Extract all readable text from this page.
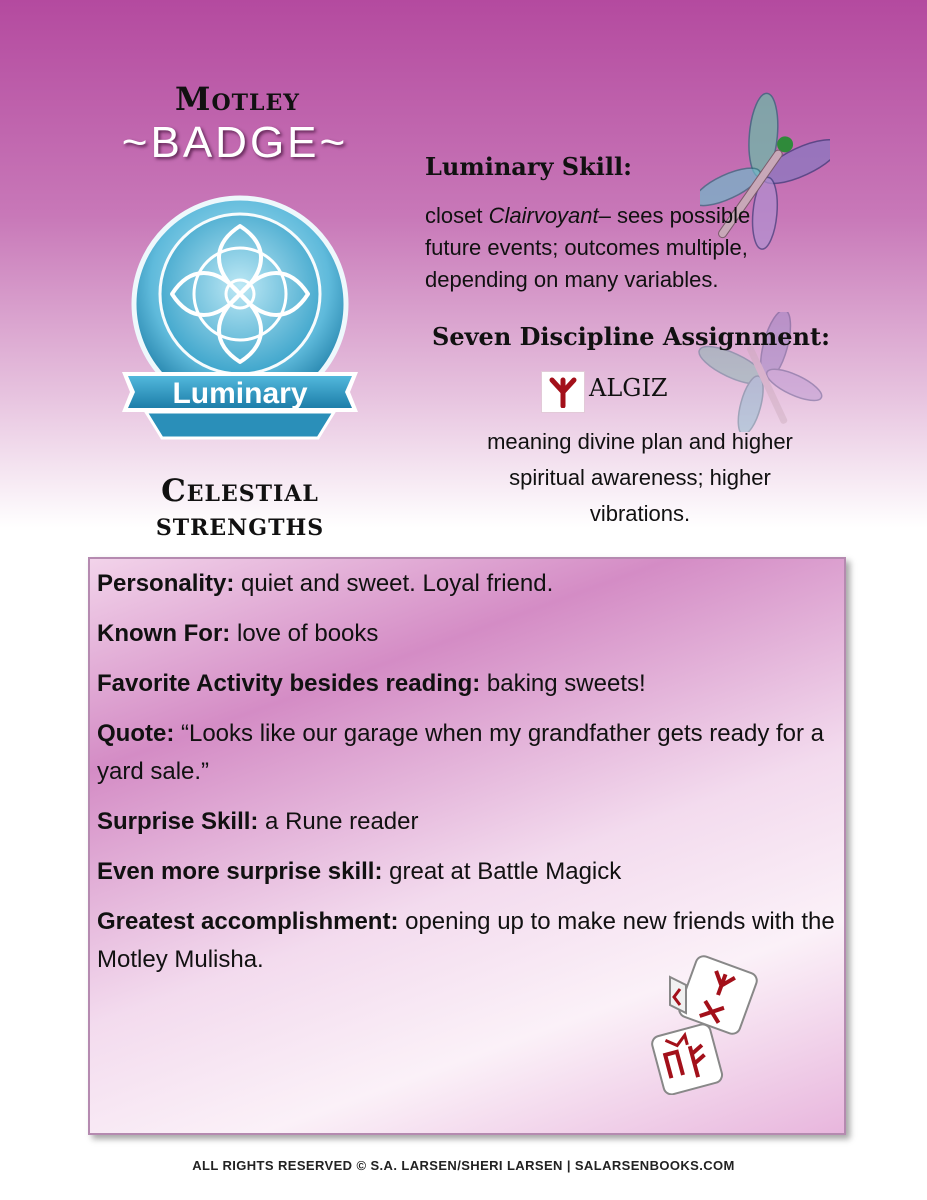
Motley
~BADGE~
Luminary
Celestial
strengths
Luminary Skill:
closet Clairvoyant– sees possible
future events; outcomes multiple,
depending on many variables.
Seven Discipline Assignment:
ALGIZ
meaning divine plan and higher
spiritual awareness; higher
vibrations.
Personality: quiet and sweet. Loyal friend.
Known For: love of books
Favorite Activity besides reading: baking sweets!
Quote: “Looks like our garage when my grandfather gets ready for a yard sale.”
Surprise Skill: a Rune reader
Even more surprise skill: great at Battle Magick
Greatest accomplishment: opening up to make new friends with the Motley Mulisha.
ALL RIGHTS RESERVED © S.A. LARSEN/SHERI LARSEN | SALARSENBOOKS.COM
